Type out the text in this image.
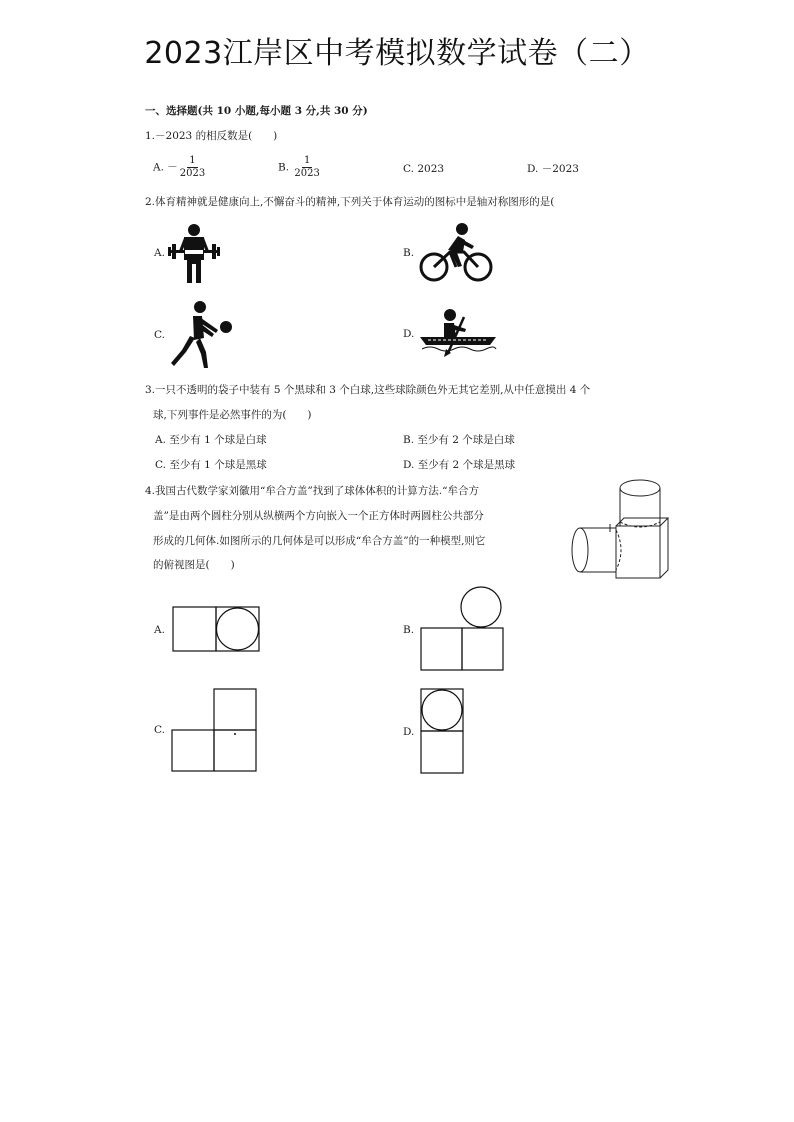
2023江岸区中考模拟数学试卷（二）
一、选择题(共 10 小题,每小题 3 分,共 30 分)
1.－2023 的相反数是(　　)
A. － $\frac{1}{2023}$	B. $\frac{1}{2023}$	C. 2023	D. －2023
2.体育精神就是健康向上,不懈奋斗的精神,下列关于体育运动的图标中是轴对称图形的是(
A.	B.
C.	D.
3.一只不透明的袋子中装有 5 个黑球和 3 个白球,这些球除颜色外无其它差别,从中任意摸出 4 个
球,下列事件是必然事件的为(　　)
A. 至少有 1 个球是白球	B. 至少有 2 个球是白球
C. 至少有 1 个球是黑球	D. 至少有 2 个球是黑球
4.我国古代数学家刘徽用“牟合方盖”找到了球体体积的计算方法.“牟合方
盖”是由两个圆柱分别从纵横两个方向嵌入一个正方体时两圆柱公共部分
形成的几何体.如图所示的几何体是可以形成“牟合方盖”的一种模型,则它
的俯视图是(　　)
A.	B.
C.	D.
